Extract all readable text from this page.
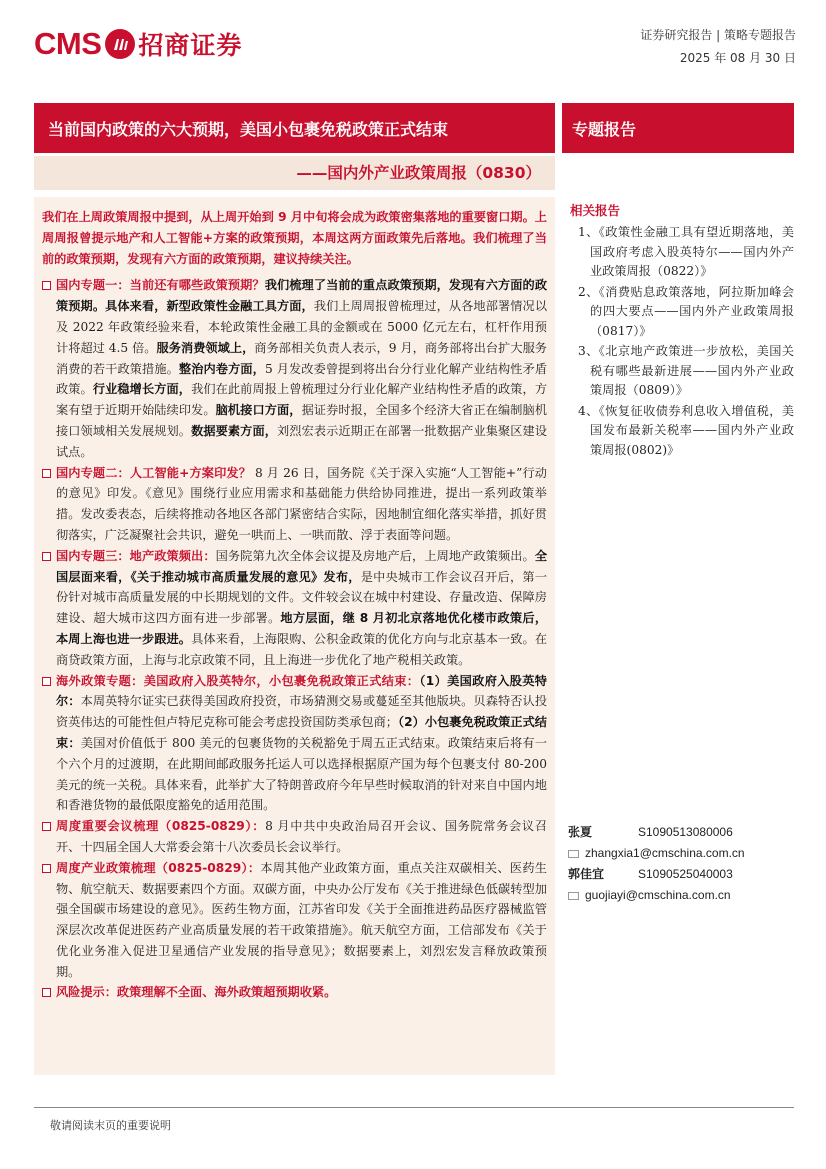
CMS 招商证券	证券研究报告 | 策略专题报告
2025 年 08 月 30 日
当前国内政策的六大预期，美国小包裹免税政策正式结束
——国内外产业政策周报（0830）
专题报告
我们在上周政策周报中提到，从上周开始到 9 月中旬将会成为政策密集落地的重要窗口期。上周周报曾提示地产和人工智能+方案的政策预期，本周这两方面政策先后落地。我们梳理了当前的政策预期，发现有六方面的政策预期，建议持续关注。
国内专题一：当前还有哪些政策预期？我们梳理了当前的重点政策预期，发现有六方面的政策预期。具体来看，新型政策性金融工具方面，我们上周周报曾梳理过，从各地部署情况以及 2022 年政策经验来看，本轮政策性金融工具的金额或在 5000 亿元左右，杠杆作用预计将超过 4.5 倍。服务消费领域上，商务部相关负责人表示，9 月，商务部将出台扩大服务消费的若干政策措施。整治内卷方面，5 月发改委曾提到将出台分行业化解产业结构性矛盾政策。行业稳增长方面，我们在此前周报上曾梳理过分行业化解产业结构性矛盾的政策，方案有望于近期开始陆续印发。脑机接口方面，据证券时报，全国多个经济大省正在编制脑机接口领域相关发展规划。数据要素方面，刘烈宏表示近期正在部署一批数据产业集聚区建设试点。
国内专题二：人工智能+方案印发？ 8 月 26 日，国务院《关于深入实施“人工智能+”行动的意见》印发。《意见》围绕行业应用需求和基础能力供给协同推进，提出一系列政策举措。发改委表态，后续将推动各地区各部门紧密结合实际，因地制宜细化落实举措，抓好贯彻落实，广泛凝聚社会共识，避免一哄而上、一哄而散、浮于表面等问题。
国内专题三：地产政策频出：国务院第九次全体会议提及房地产后，上周地产政策频出。全国层面来看，《关于推动城市高质量发展的意见》发布，是中央城市工作会议召开后，第一份针对城市高质量发展的中长期规划的文件。文件较会议在城中村建设、存量改造、保障房建设、超大城市这四方面有进一步部署。地方层面，继 8 月初北京落地优化楼市政策后，本周上海也进一步跟进。具体来看，上海限购、公积金政策的优化方向与北京基本一致。在商贷政策方面，上海与北京政策不同，且上海进一步优化了地产税相关政策。
海外政策专题：美国政府入股英特尔，小包裹免税政策正式结束：（1）美国政府入股英特尔：本周英特尔证实已获得美国政府投资，市场猜测交易或蔓延至其他版块。贝森特否认投资英伟达的可能性但卢特尼克称可能会考虑投资国防类承包商；（2）小包裹免税政策正式结束：美国对价值低于 800 美元的包裹货物的关税豁免于周五正式结束。政策结束后将有一个六个月的过渡期，在此期间邮政服务托运人可以选择根据原产国为每个包裹支付 80-200 美元的统一关税。具体来看，此举扩大了特朗普政府今年早些时候取消的针对来自中国内地和香港货物的最低限度豁免的适用范围。
周度重要会议梳理（0825-0829）：8 月中共中央政治局召开会议、国务院常务会议召开、十四届全国人大常委会第十八次委员长会议举行。
周度产业政策梳理（0825-0829）：本周其他产业政策方面，重点关注双碳相关、医药生物、航空航天、数据要素四个方面。双碳方面，中央办公厅发布《关于推进绿色低碳转型加强全国碳市场建设的意见》。医药生物方面，江苏省印发《关于全面推进药品医疗器械监管深层次改革促进医药产业高质量发展的若干政策措施》。航天航空方面，工信部发布《关于优化业务准入促进卫星通信产业发展的指导意见》；数据要素上，刘烈宏发言释放政策预期。
风险提示：政策理解不全面、海外政策超预期收紧。
相关报告
1、《政策性金融工具有望近期落地，美国政府考虑入股英特尔——国内外产业政策周报（0822）》
2、《消费贴息政策落地，阿拉斯加峰会的四大要点——国内外产业政策周报（0817）》
3、《北京地产政策进一步放松，美国关税有哪些最新进展——国内外产业政策周报（0809）》
4、《恢复征收债券利息收入增值税，美国发布最新关税率——国内外产业政策周报(0802)》
张夏	S1090513080006
zhangxia1@cmschina.com.cn
郭佳宜	S1090525040003
guojiayi@cmschina.com.cn
敬请阅读末页的重要说明
